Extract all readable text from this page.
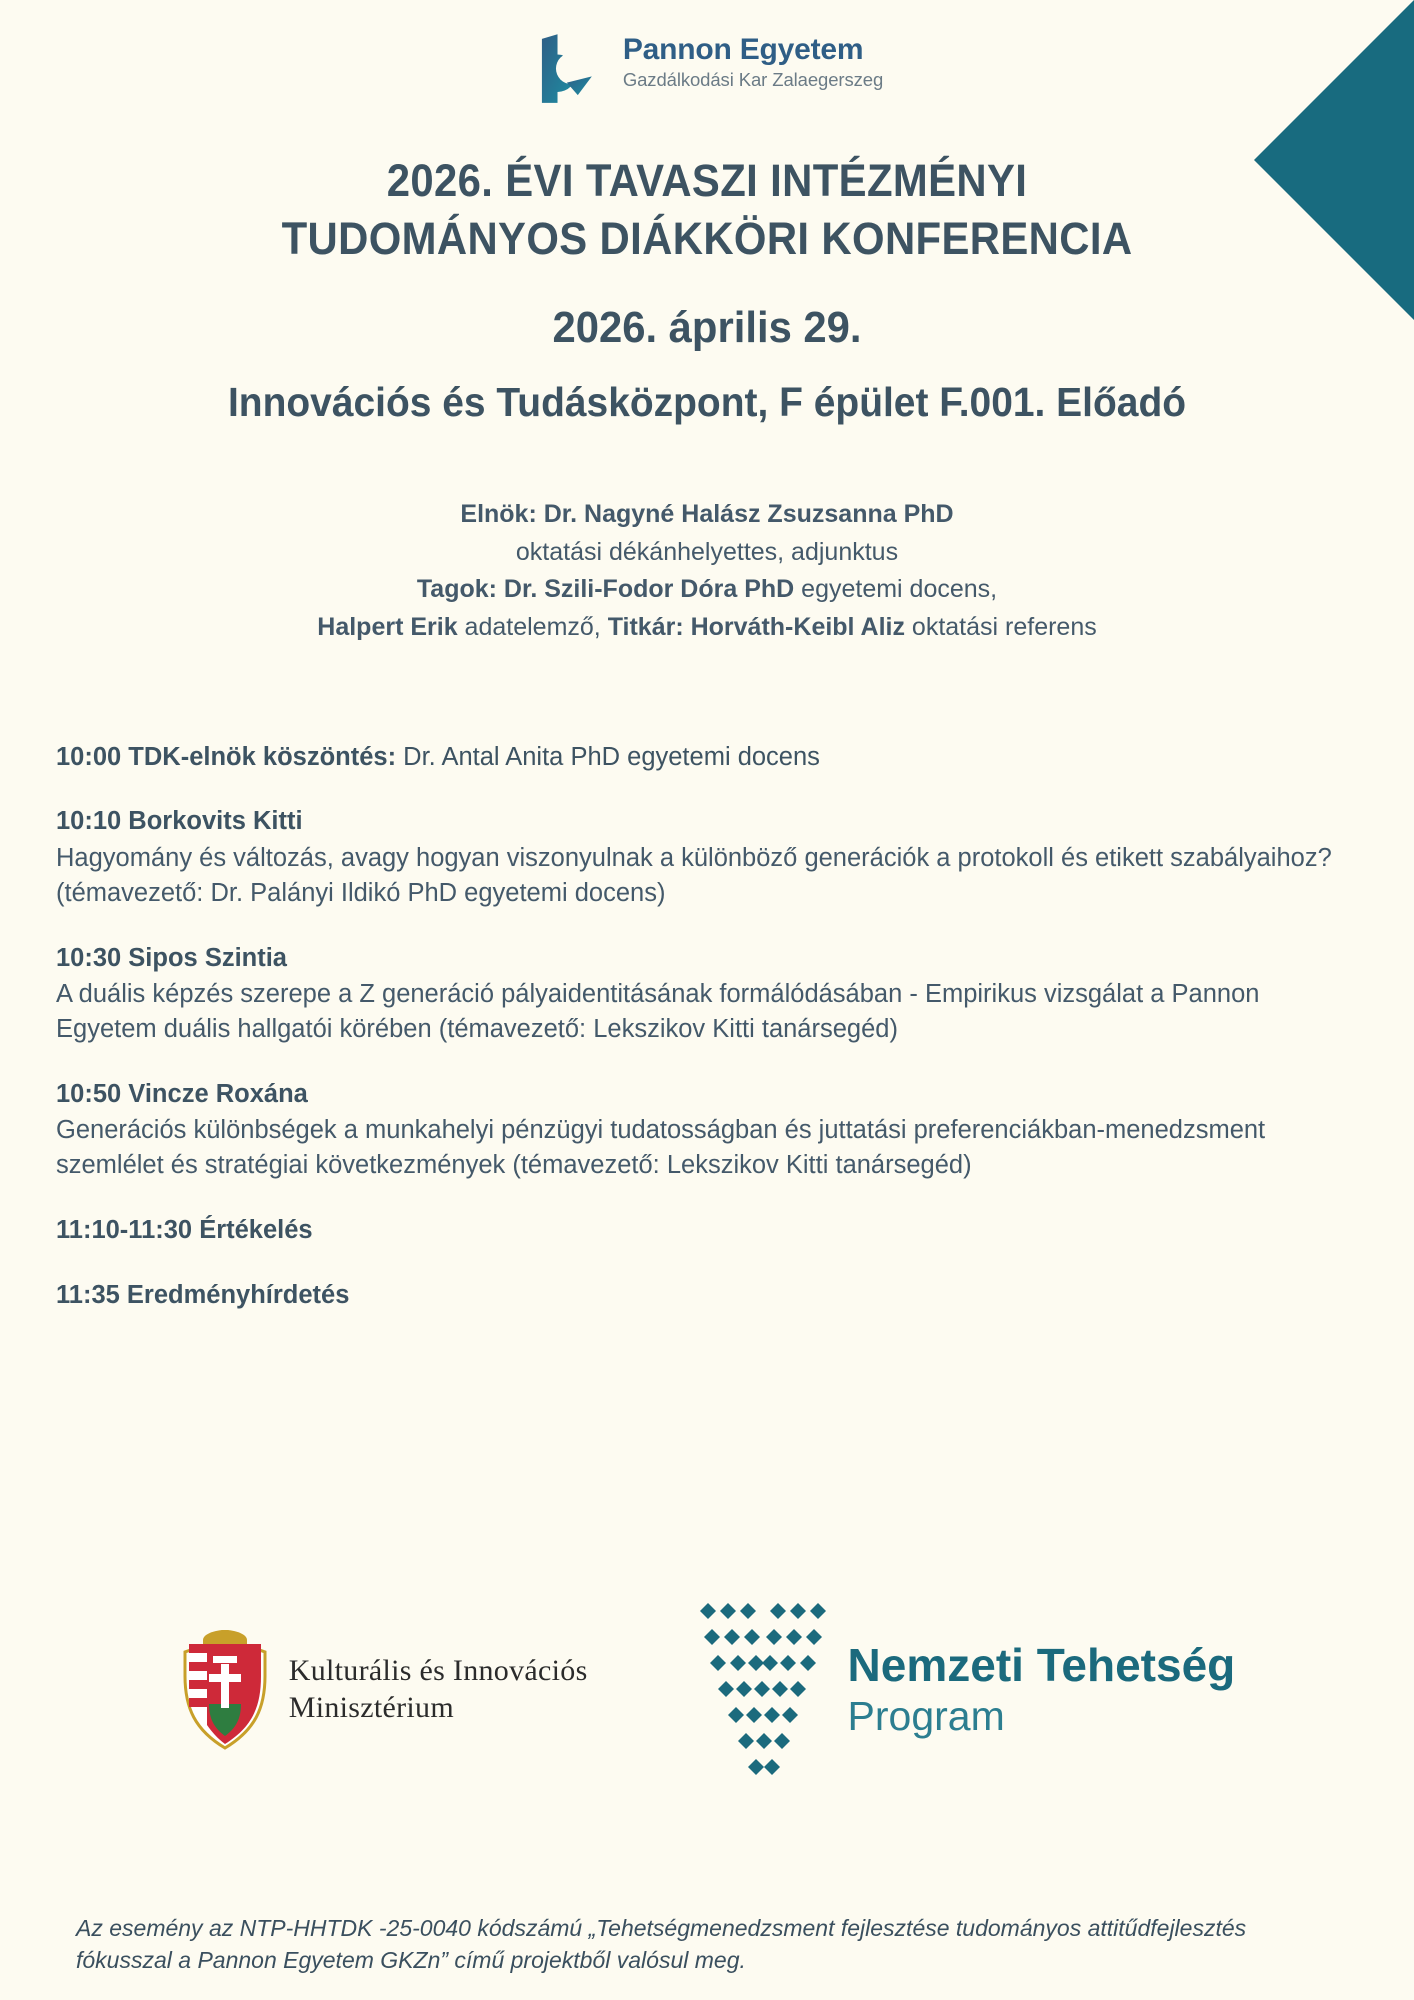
Pannon Egyetem
Gazdálkodási Kar Zalaegerszeg
2026. ÉVI TAVASZI INTÉZMÉNYI
TUDOMÁNYOS DIÁKKÖRI KONFERENCIA
2026. április 29.
Innovációs és Tudásközpont, F épület F.001. Előadó
Elnök: Dr. Nagyné Halász Zsuzsanna PhD
oktatási dékánhelyettes, adjunktus
Tagok: Dr. Szili-Fodor Dóra PhD egyetemi docens,
Halpert Erik adatelemző, Titkár: Horváth-Keibl Aliz oktatási referens
10:00 TDK-elnök köszöntés: Dr. Antal Anita PhD egyetemi docens
10:10 Borkovits Kitti
Hagyomány és változás, avagy hogyan viszonyulnak a különböző generációk a protokoll és etikett szabályaihoz? (témavezető: Dr. Palányi Ildikó PhD egyetemi docens)
10:30 Sipos Szintia
A duális képzés szerepe a Z generáció pályaidentitásának formálódásában - Empirikus vizsgálat a Pannon Egyetem duális hallgatói körében (témavezető: Lekszikov Kitti tanársegéd)
10:50 Vincze Roxána
Generációs különbségek a munkahelyi pénzügyi tudatosságban és juttatási preferenciákban-menedzsment szemlélet és stratégiai következmények (témavezető: Lekszikov Kitti tanársegéd)
11:10-11:30 Értékelés
11:35 Eredményhírdetés
Kulturális és Innovációs
Minisztérium
Nemzeti Tehetség
Program
Az esemény az NTP-HHTDK -25-0040 kódszámú „Tehetségmenedzsment fejlesztése tudományos attitűdfejlesztés
fókusszal a Pannon Egyetem GKZn” című projektből valósul meg.
